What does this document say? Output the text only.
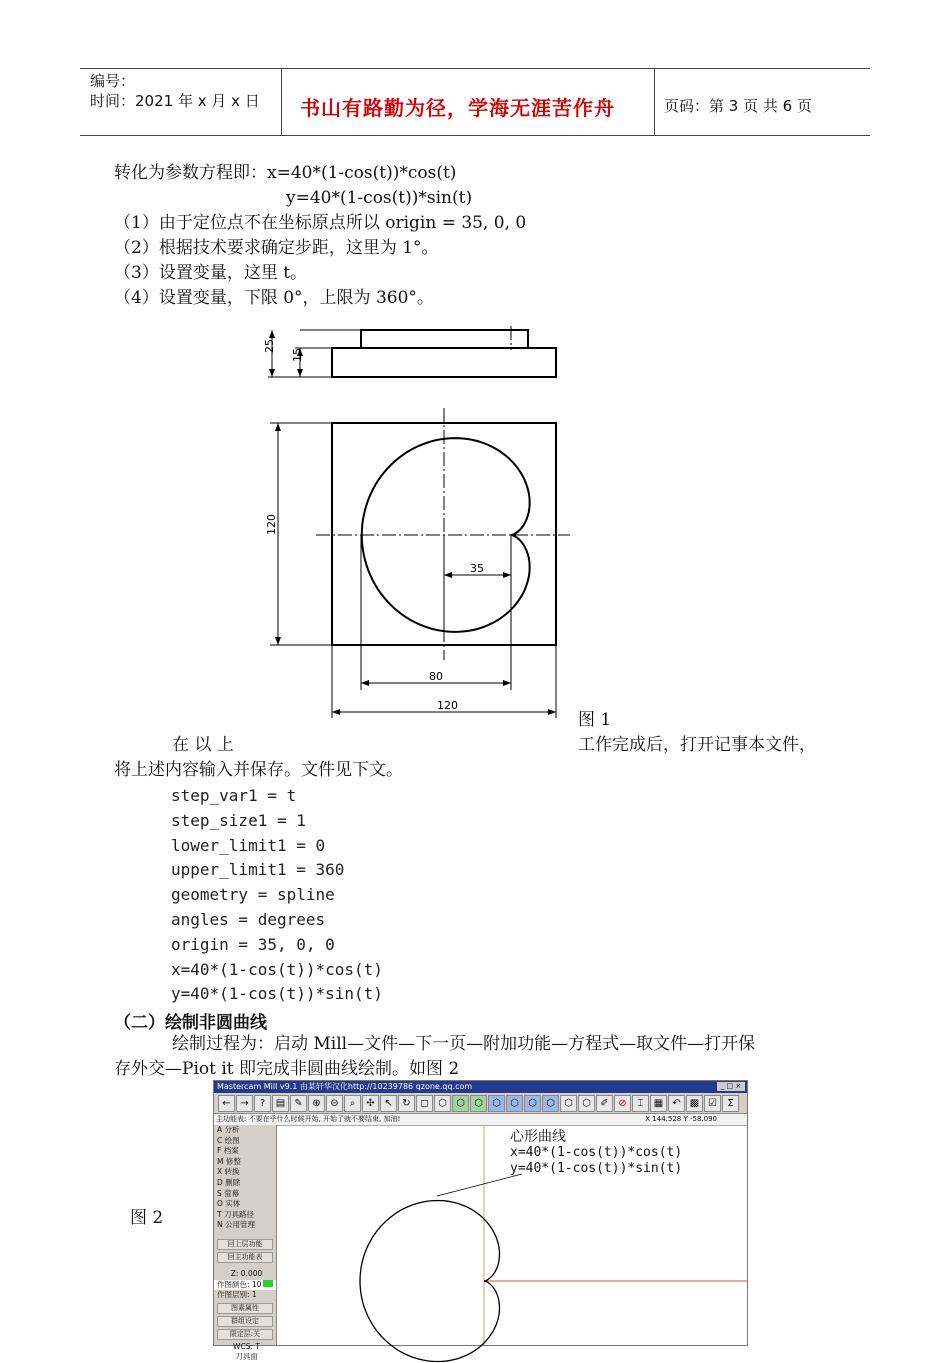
编号：
时间：2021 年 x 月 x 日 书山有路勤为径，学海无涯苦作舟	页码：第 3 页 共 6 页
转化为参数方程即：x=40*(1-cos(t))*cos(t)
y=40*(1-cos(t))*sin(t)
（1）由于定位点不在坐标原点所以 origin = 35, 0, 0
（2）根据技术要求确定步距，这里为 1°。
（3）设置变量，这里 t。
（4）设置变量，下限 0°，上限为 360°。
25
15
120
35
80
120
图 1
在 以 上	工作完成后，打开记事本文件，
将上述内容输入并保存。文件见下文。
step_var1 = t
step_size1 = 1
lower_limit1 = 0
upper_limit1 = 360
geometry = spline
angles = degrees
origin = 35, 0, 0
x=40*(1-cos(t))*cos(t)
y=40*(1-cos(t))*sin(t)
（二）绘制非圆曲线
绘制过程为：启动 Mill—文件—下一页—附加功能—方程式—取文件—打开保
存外交—Piot it 即完成非圆曲线绘制。如图 2
图 2
Mastercam Mill v9.1 由某轩华汉化http://10239786 qzone.qq.com	_ □ ×
← →	?	▤ ✎ ⊕ ⊖	⌕	✣ ↖ ↻ ◻ ⬡ ⬡ ⬡ ⬡ ⬡ ⬡ ⬡ ⬡ ⬡ ✐ ⊘	⌶	▦ ↶ ▩ ☑	Σ
主功能表: 不要在乎什么时候开始, 开始了就不要结束, 加油!	X 144.528 Y -58.090
A 分析
C 绘图
F 档案
M 修整
X 转换
D 删除
S 萤幕
O 实体
T 刀具路径
N 公用管理
回上层功能
回主功能表
Z: 0.000
作图颜色: 10
作图层别: 1
图素属性
群组设定
限定层:关
WCS: T
刀具面
心形曲线
x=40*(1-cos(t))*cos(t)
y=40*(1-cos(t))*sin(t)
